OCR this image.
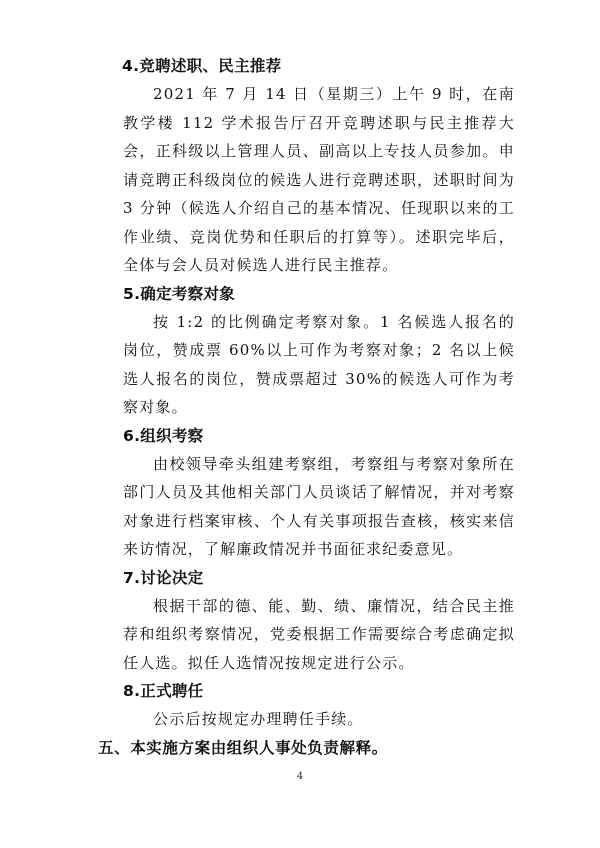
4.竞聘述职、民主推荐

2021 年 7 月 14 日（星期三）上午 9 时，在南教学楼 112 学术报告厅召开竞聘述职与民主推荐大会，正科级以上管理人员、副高以上专技人员参加。申请竞聘正科级岗位的候选人进行竞聘述职，述职时间为 3 分钟（候选人介绍自己的基本情况、任现职以来的工作业绩、竞岗优势和任职后的打算等）。述职完毕后，全体与会人员对候选人进行民主推荐。

5.确定考察对象

按 1:2 的比例确定考察对象。1 名候选人报名的岗位，赞成票 60%以上可作为考察对象；2 名以上候选人报名的岗位，赞成票超过 30%的候选人可作为考察对象。

6.组织考察

由校领导牵头组建考察组，考察组与考察对象所在部门人员及其他相关部门人员谈话了解情况，并对考察对象进行档案审核、个人有关事项报告查核，核实来信来访情况，了解廉政情况并书面征求纪委意见。

7.讨论决定

根据干部的德、能、勤、绩、廉情况，结合民主推荐和组织考察情况，党委根据工作需要综合考虑确定拟任人选。拟任人选情况按规定进行公示。

8.正式聘任

公示后按规定办理聘任手续。

五、本实施方案由组织人事处负责解释。
4
